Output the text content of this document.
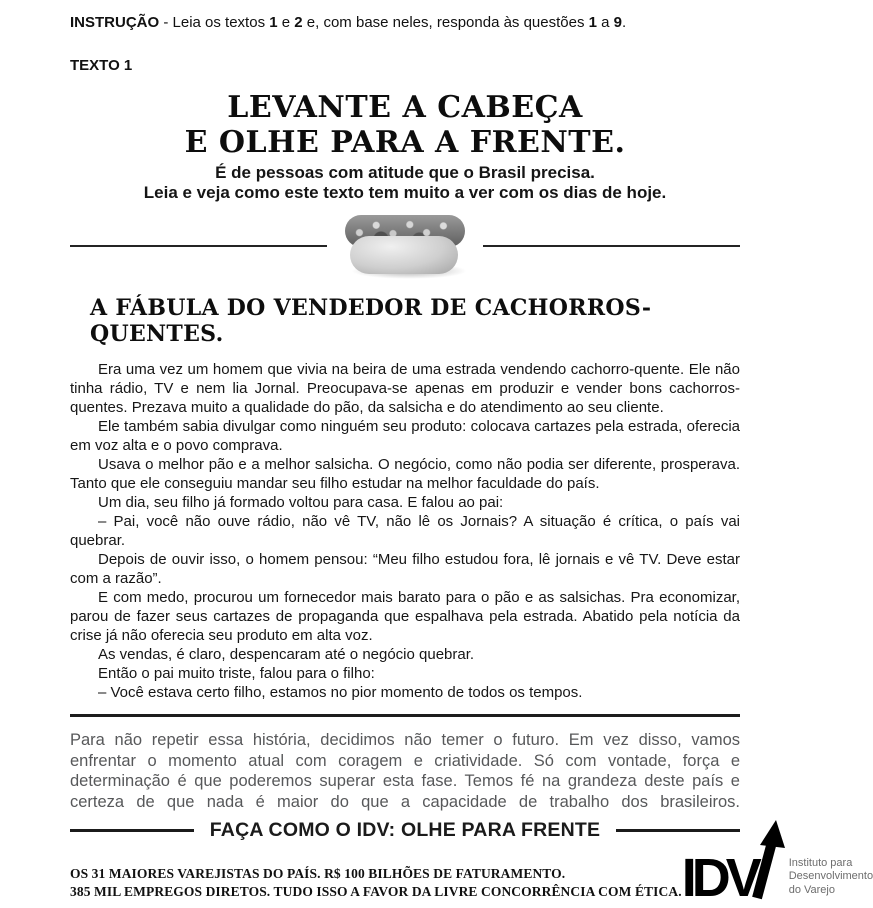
INSTRUÇÃO - Leia os textos 1 e 2 e, com base neles, responda às questões 1 a 9.

TEXTO 1

LEVANTE A CABEÇA
E OLHE PARA A FRENTE.

É de pessoas com atitude que o Brasil precisa.
Leia e veja como este texto tem muito a ver com os dias de hoje.

A FÁBULA DO VENDEDOR DE CACHORROS-QUENTES.

Era uma vez um homem que vivia na beira de uma estrada vendendo cachorro-quente. Ele não tinha rádio, TV e nem lia Jornal. Preocupava-se apenas em produzir e vender bons cachorros-quentes. Prezava muito a qualidade do pão, da salsicha e do atendimento ao seu cliente.

Ele também sabia divulgar como ninguém seu produto: colocava cartazes pela estrada, oferecia em voz alta e o povo comprava.

Usava o melhor pão e a melhor salsicha. O negócio, como não podia ser diferente, prosperava. Tanto que ele conseguiu mandar seu filho estudar na melhor faculdade do país.

Um dia, seu filho já formado voltou para casa. E falou ao pai:

– Pai, você não ouve rádio, não vê TV, não lê os Jornais? A situação é crítica, o país vai quebrar.

Depois de ouvir isso, o homem pensou: “Meu filho estudou fora, lê jornais e vê TV. Deve estar com a razão”.

E com medo, procurou um fornecedor mais barato para o pão e as salsichas. Pra economizar, parou de fazer seus cartazes de propaganda que espalhava pela estrada. Abatido pela notícia da crise já não oferecia seu produto em alta voz.

As vendas, é claro, despencaram até o negócio quebrar.

Então o pai muito triste, falou para o filho:

– Você estava certo filho, estamos no pior momento de todos os tempos.

Para não repetir essa história, decidimos não temer o futuro. Em vez disso, vamos enfrentar o momento atual com coragem e criatividade. Só com vontade, força e determinação é que poderemos superar esta fase. Temos fé na grandeza deste país e certeza de que nada é maior do que a capacidade de trabalho dos brasileiros.

FAÇA COMO O IDV: OLHE PARA FRENTE
OS 31 MAIORES VAREJISTAS DO PAÍS. R$ 100 BILHÕES DE FATURAMENTO.
385 MIL EMPREGOS DIRETOS. TUDO ISSO A FAVOR DA LIVRE CONCORRÊNCIA COM ÉTICA. IDV	Instituto para
Desenvolvimento
do Varejo
